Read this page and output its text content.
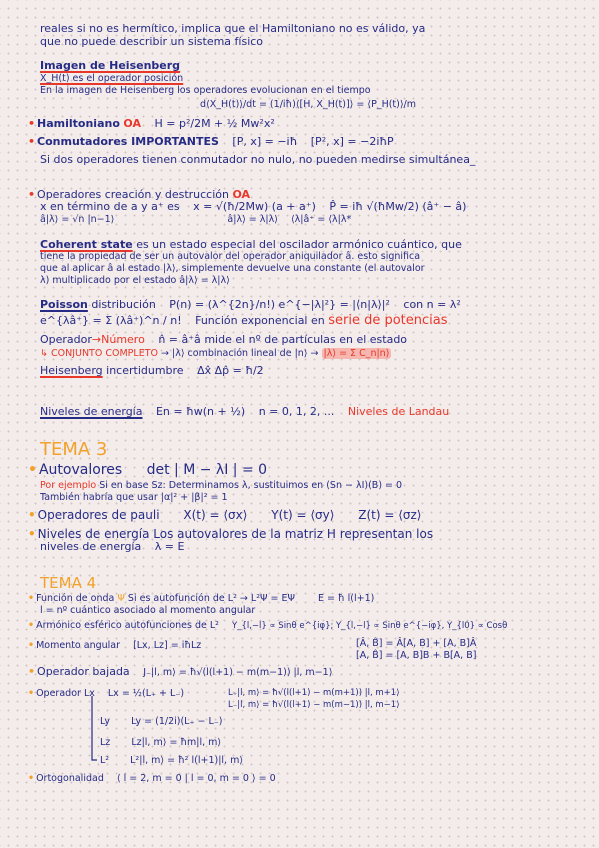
reales si no es hermítico, implica que el Hamiltoniano no es válido, ya
que no puede describir un sistema físico
Imagen de Heisenberg
X_H(t) es el operador posición
En la imagen de Heisenberg los operadores evolucionan en el tiempo
d⟨X_H(t)⟩/dt = (1/iħ)⟨[H, X_H(t)]⟩ = ⟨P_H(t)⟩/m
• Hamiltoniano OA H = p²/2M + ½ Mw²x²
• Conmutadores IMPORTANTES [P, x] = −iħ [P², x] = −2iħP
Si dos operadores tienen conmutador no nulo, no pueden medirse simultánea_
• Operadores creación y destrucción OA
x en término de a y a⁺ es x = √(ħ/2Mw) (a + a⁺) P̂ = iħ √(ħMw/2) (â⁺ − â)
â|λ⟩ = √n |n−1⟩	â|λ⟩ = λ|λ⟩ ⟨λ|â⁺ = ⟨λ|λ*
Coherent state es un estado especial del oscilador armónico cuántico, que
tiene la propiedad de ser un autovalor del operador aniquilador â. esto significa
que al aplicar â al estado |λ⟩, simplemente devuelve una constante (el autovalor
λ) multiplicado por el estado â|λ⟩ = λ|λ⟩
Poisson distribución P(n) = (λ^{2n}/n!) e^{−|λ|²} = |⟨n|λ⟩|² con n = λ²
e^{λâ⁺} = Σ (λâ⁺)^n / n! Función exponencial en serie de potencias
Operador→Número n̂ = â⁺â mide el nº de partículas en el estado
↳ CONJUNTO COMPLETO → |λ⟩ combinación lineal de |n⟩ → |λ⟩ = Σ C_n|n⟩
Heisenberg incertidumbre Δx̂ Δp̂ = ħ/2
Niveles de energía En = ħw(n + ½) n = 0, 1, 2, ... Niveles de Landau
TEMA 3
• Autovalores det | M − λI | = 0
Por ejemplo Si en base Sz: Determinamos λ, sustituimos en (Sn − λI)(B) = 0
También habría que usar |α|² + |β|² = 1
• Operadores de pauli X(t) = ⟨σx⟩ Y(t) = ⟨σy⟩ Z(t) = ⟨σz⟩
• Niveles de energía Los autovalores de la matriz H representan los
niveles de energía λ = E
TEMA 4
• Función de onda Ψ Si es autofunción de L² → L²Ψ = EΨ E = ħ l(l+1)
l = nº cuántico asociado al momento angular
• Armónico esférico autofunciones de L² Y_{l,−l} ∝ Sinθ e^{iφ}; Y_{l,−l} ∝ Sinθ e^{−iφ}, Y_{l0} ∝ Cosθ
• Momento angular [Lx, Lz] = iħLz	[Â, B̂] = Â[A, B] + [A, B]Â
[A, B̂] = [A, B]B + B[A, B]
• Operador bajada J₋|l, m⟩ = ħ√(l(l+1) − m(m−1)) |l, m−1⟩
• Operador Lx Lx = ½(L₊ + L₋)	L₊|l, m⟩ = ħ√(l(l+1) − m(m+1)) |l, m+1⟩
L₋|l, m⟩ = ħ√(l(l+1) − m(m−1)) |l, m−1⟩
Ly Ly = (1/2i)(L₊ − L₋)
Lz Lz|l, m⟩ = ħm|l, m⟩
L² L²|l, m⟩ = ħ² l(l+1)|l, m⟩
• Ortogonalidad ⟨ l = 2, m = 0 | l = 0, m = 0 ⟩ = 0
